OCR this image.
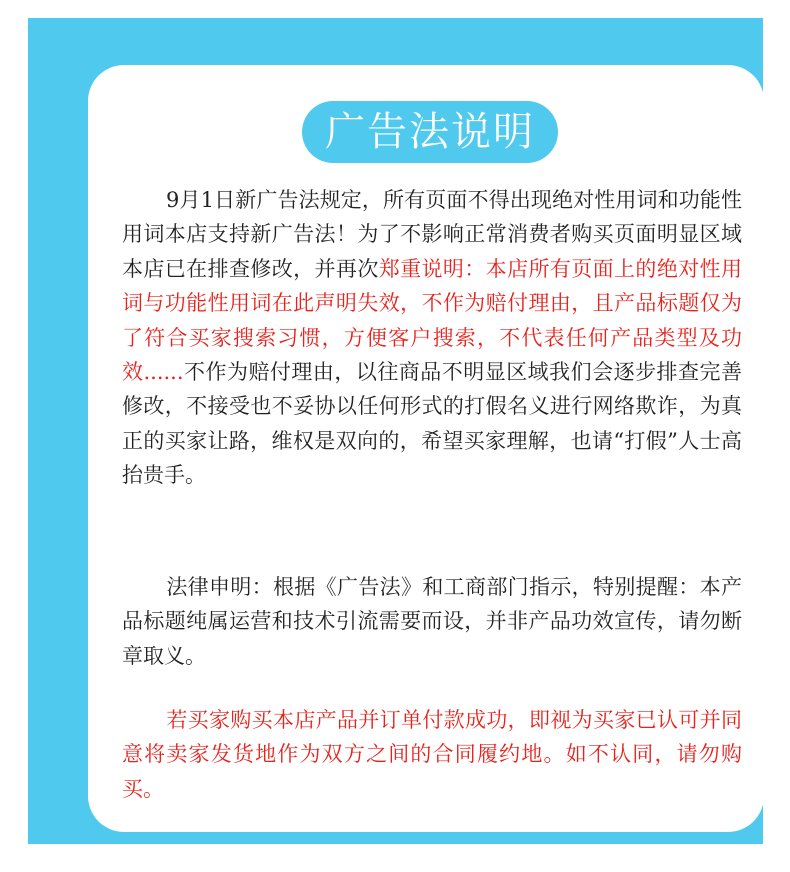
广告法说明

9月1日新广告法规定，所有页面不得出现绝对性用词和功能性用词本店支持新广告法！为了不影响正常消费者购买页面明显区域本店已在排查修改，并再次郑重说明：本店所有页面上的绝对性用词与功能性用词在此声明失效，不作为赔付理由，且产品标题仅为了符合买家搜索习惯，方便客户搜索，不代表任何产品类型及功效......不作为赔付理由，以往商品不明显区域我们会逐步排查完善修改，不接受也不妥协以任何形式的打假名义进行网络欺诈，为真正的买家让路，维权是双向的，希望买家理解，也请“打假”人士高抬贵手。

法律申明：根据《广告法》和工商部门指示，特别提醒：本产品标题纯属运营和技术引流需要而设，并非产品功效宣传，请勿断章取义。

若买家购买本店产品并订单付款成功，即视为买家已认可并同意将卖家发货地作为双方之间的合同履约地。如不认同，请勿购买。
